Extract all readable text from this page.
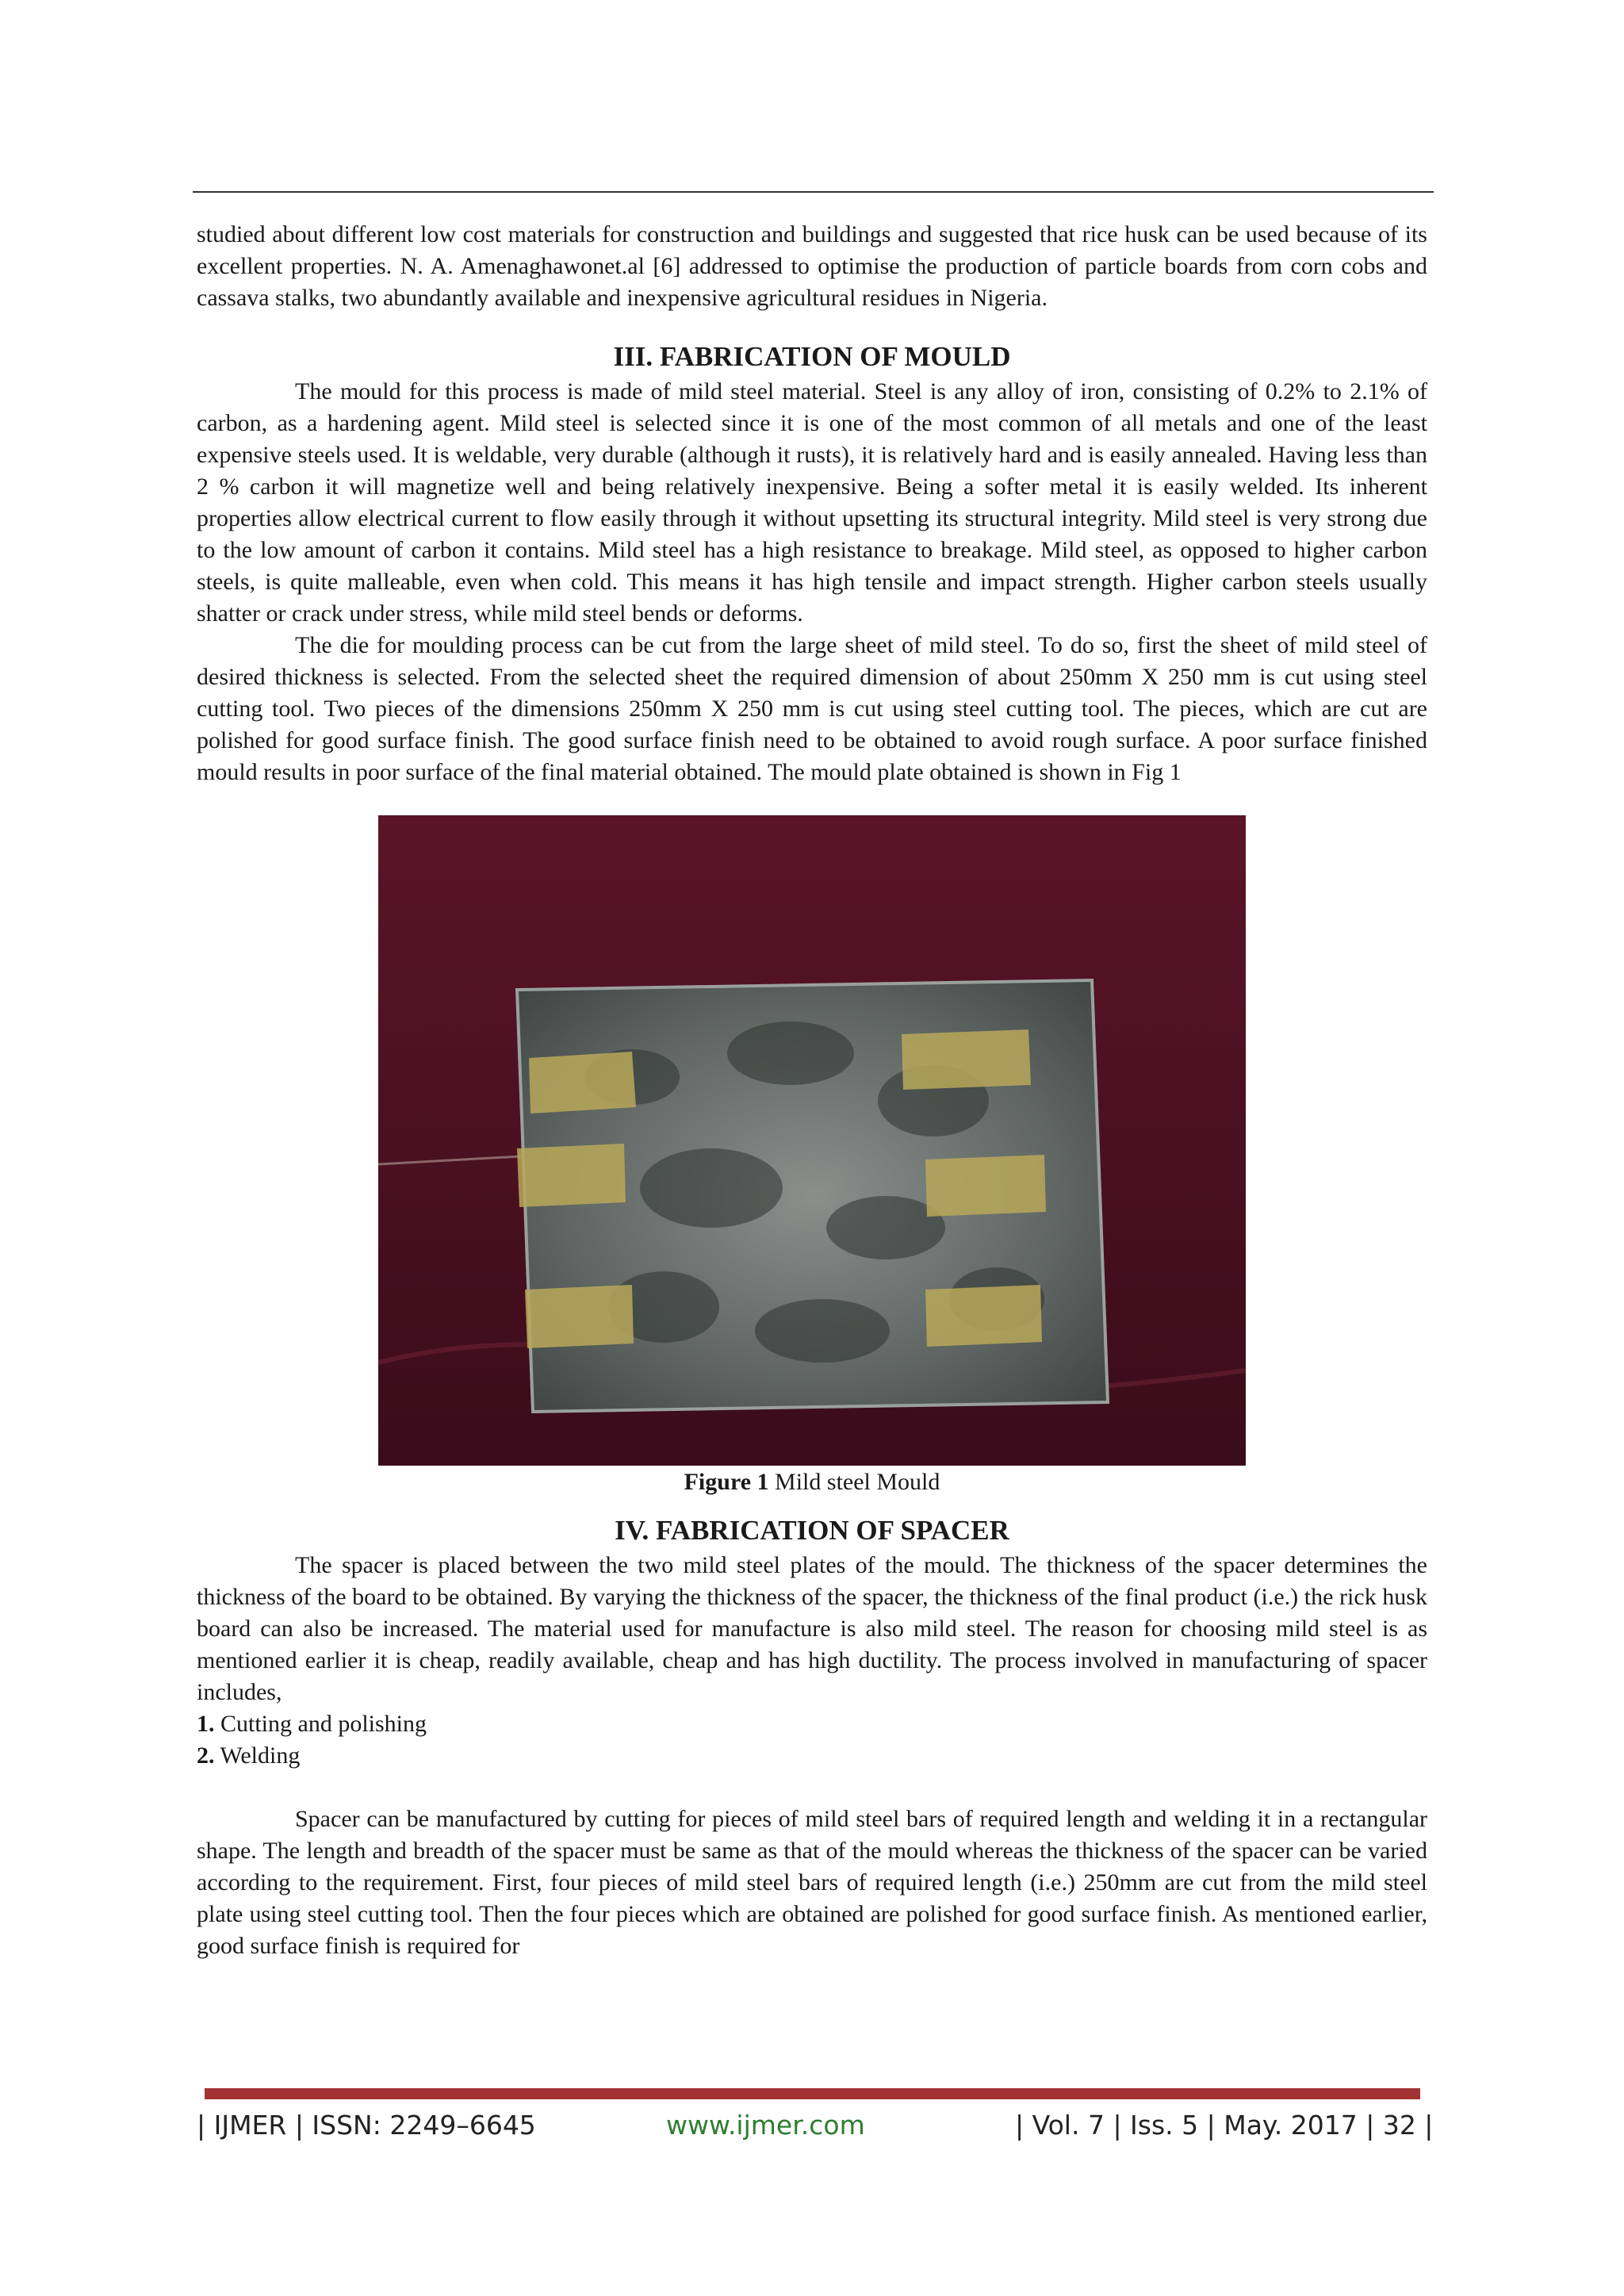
studied about different low cost materials for construction and buildings and suggested that rice husk can be used because of its excellent properties. N. A. Amenaghawonet.al [6] addressed to optimise the production of particle boards from corn cobs and cassava stalks, two abundantly available and inexpensive agricultural residues in Nigeria.

III. FABRICATION OF MOULD

The mould for this process is made of mild steel material. Steel is any alloy of iron, consisting of 0.2% to 2.1% of carbon, as a hardening agent. Mild steel is selected since it is one of the most common of all metals and one of the least expensive steels used. It is weldable, very durable (although it rusts), it is relatively hard and is easily annealed. Having less than 2 % carbon it will magnetize well and being relatively inexpensive. Being a softer metal it is easily welded. Its inherent properties allow electrical current to flow easily through it without upsetting its structural integrity. Mild steel is very strong due to the low amount of carbon it contains. Mild steel has a high resistance to breakage. Mild steel, as opposed to higher carbon steels, is quite malleable, even when cold. This means it has high tensile and impact strength. Higher carbon steels usually shatter or crack under stress, while mild steel bends or deforms.

The die for moulding process can be cut from the large sheet of mild steel. To do so, first the sheet of mild steel of desired thickness is selected. From the selected sheet the required dimension of about 250mm X 250 mm is cut using steel cutting tool. Two pieces of the dimensions 250mm X 250 mm is cut using steel cutting tool. The pieces, which are cut are polished for good surface finish. The good surface finish need to be obtained to avoid rough surface. A poor surface finished mould results in poor surface of the final material obtained. The mould plate obtained is shown in Fig 1

Figure 1 Mild steel Mould
IV. FABRICATION OF SPACER

The spacer is placed between the two mild steel plates of the mould. The thickness of the spacer determines the thickness of the board to be obtained. By varying the thickness of the spacer, the thickness of the final product (i.e.) the rick husk board can also be increased. The material used for manufacture is also mild steel. The reason for choosing mild steel is as mentioned earlier it is cheap, readily available, cheap and has high ductility. The process involved in manufacturing of spacer includes,

1. Cutting and polishing
2. Welding

Spacer can be manufactured by cutting for pieces of mild steel bars of required length and welding it in a rectangular shape. The length and breadth of the spacer must be same as that of the mould whereas the thickness of the spacer can be varied according to the requirement. First, four pieces of mild steel bars of required length (i.e.) 250mm are cut from the mild steel plate using steel cutting tool. Then the four pieces which are obtained are polished for good surface finish. As mentioned earlier, good surface finish is required for

| IJMER | ISSN: 2249–6645	www.ijmer.com	| Vol. 7 | Iss. 5 | May. 2017 | 32 |
